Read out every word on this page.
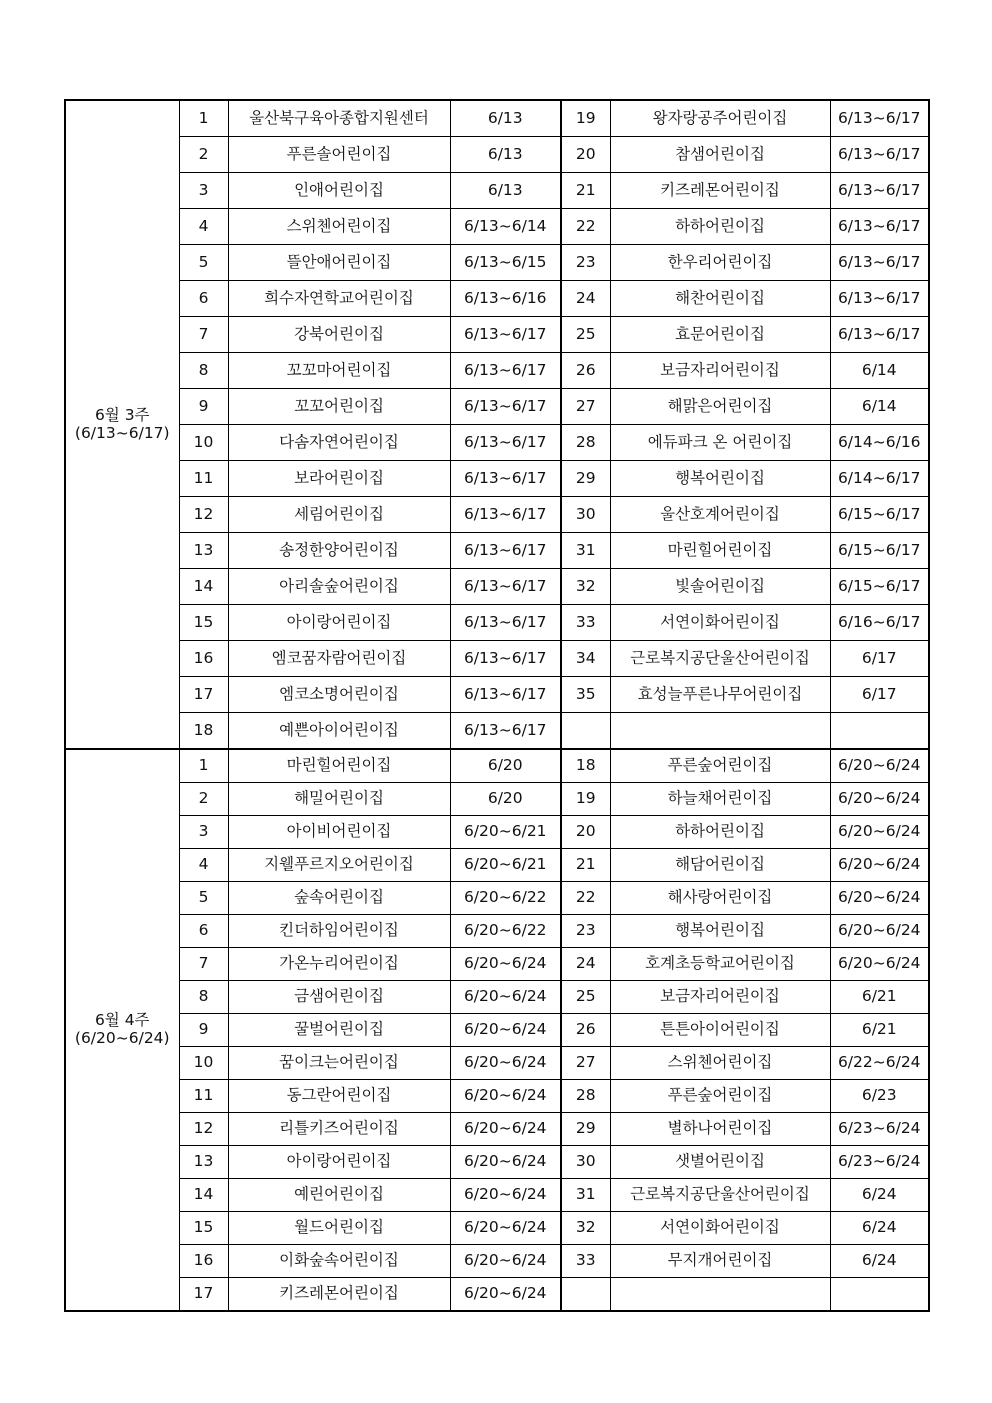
6월 3주
(6/13~6/17)	1	울산북구육아종합지원센터	6/13	19	왕자랑공주어린이집	6/13~6/17
	2	푸른솔어린이집	6/13	20	참샘어린이집	6/13~6/17
	3	인애어린이집	6/13	21	키즈레몬어린이집	6/13~6/17
	4	스위첸어린이집	6/13~6/14	22	하하어린이집	6/13~6/17
	5	뜰안애어린이집	6/13~6/15	23	한우리어린이집	6/13~6/17
	6	희수자연학교어린이집	6/13~6/16	24	해찬어린이집	6/13~6/17
	7	강북어린이집	6/13~6/17	25	효문어린이집	6/13~6/17
	8	꼬꼬마어린이집	6/13~6/17	26	보금자리어린이집	6/14
	9	꼬꼬어린이집	6/13~6/17	27	해맑은어린이집	6/14
	10	다솜자연어린이집	6/13~6/17	28	에듀파크 온 어린이집	6/14~6/16
	11	보라어린이집	6/13~6/17	29	행복어린이집	6/14~6/17
	12	세림어린이집	6/13~6/17	30	울산호계어린이집	6/15~6/17
	13	송정한양어린이집	6/13~6/17	31	마린힐어린이집	6/15~6/17
	14	아리솔숲어린이집	6/13~6/17	32	빛솔어린이집	6/15~6/17
	15	아이랑어린이집	6/13~6/17	33	서연이화어린이집	6/16~6/17
	16	엠코꿈자람어린이집	6/13~6/17	34	근로복지공단울산어린이집	6/17
	17	엠코소명어린이집	6/13~6/17	35	효성늘푸른나무어린이집	6/17
	18	예쁜아이어린이집	6/13~6/17			

6월 4주
(6/20~6/24)	1	마린힐어린이집	6/20	18	푸른숲어린이집	6/20~6/24
	2	해밀어린이집	6/20	19	하늘채어린이집	6/20~6/24
	3	아이비어린이집	6/20~6/21	20	하하어린이집	6/20~6/24
	4	지웰푸르지오어린이집	6/20~6/21	21	해담어린이집	6/20~6/24
	5	숲속어린이집	6/20~6/22	22	해사랑어린이집	6/20~6/24
	6	킨더하임어린이집	6/20~6/22	23	행복어린이집	6/20~6/24
	7	가온누리어린이집	6/20~6/24	24	호계초등학교어린이집	6/20~6/24
	8	금샘어린이집	6/20~6/24	25	보금자리어린이집	6/21
	9	꿀벌어린이집	6/20~6/24	26	튼튼아이어린이집	6/21
	10	꿈이크는어린이집	6/20~6/24	27	스위첸어린이집	6/22~6/24
	11	동그란어린이집	6/20~6/24	28	푸른숲어린이집	6/23
	12	리틀키즈어린이집	6/20~6/24	29	별하나어린이집	6/23~6/24
	13	아이랑어린이집	6/20~6/24	30	샛별어린이집	6/23~6/24
	14	예린어린이집	6/20~6/24	31	근로복지공단울산어린이집	6/24
	15	월드어린이집	6/20~6/24	32	서연이화어린이집	6/24
	16	이화숲속어린이집	6/20~6/24	33	무지개어린이집	6/24
	17	키즈레몬어린이집	6/20~6/24			
